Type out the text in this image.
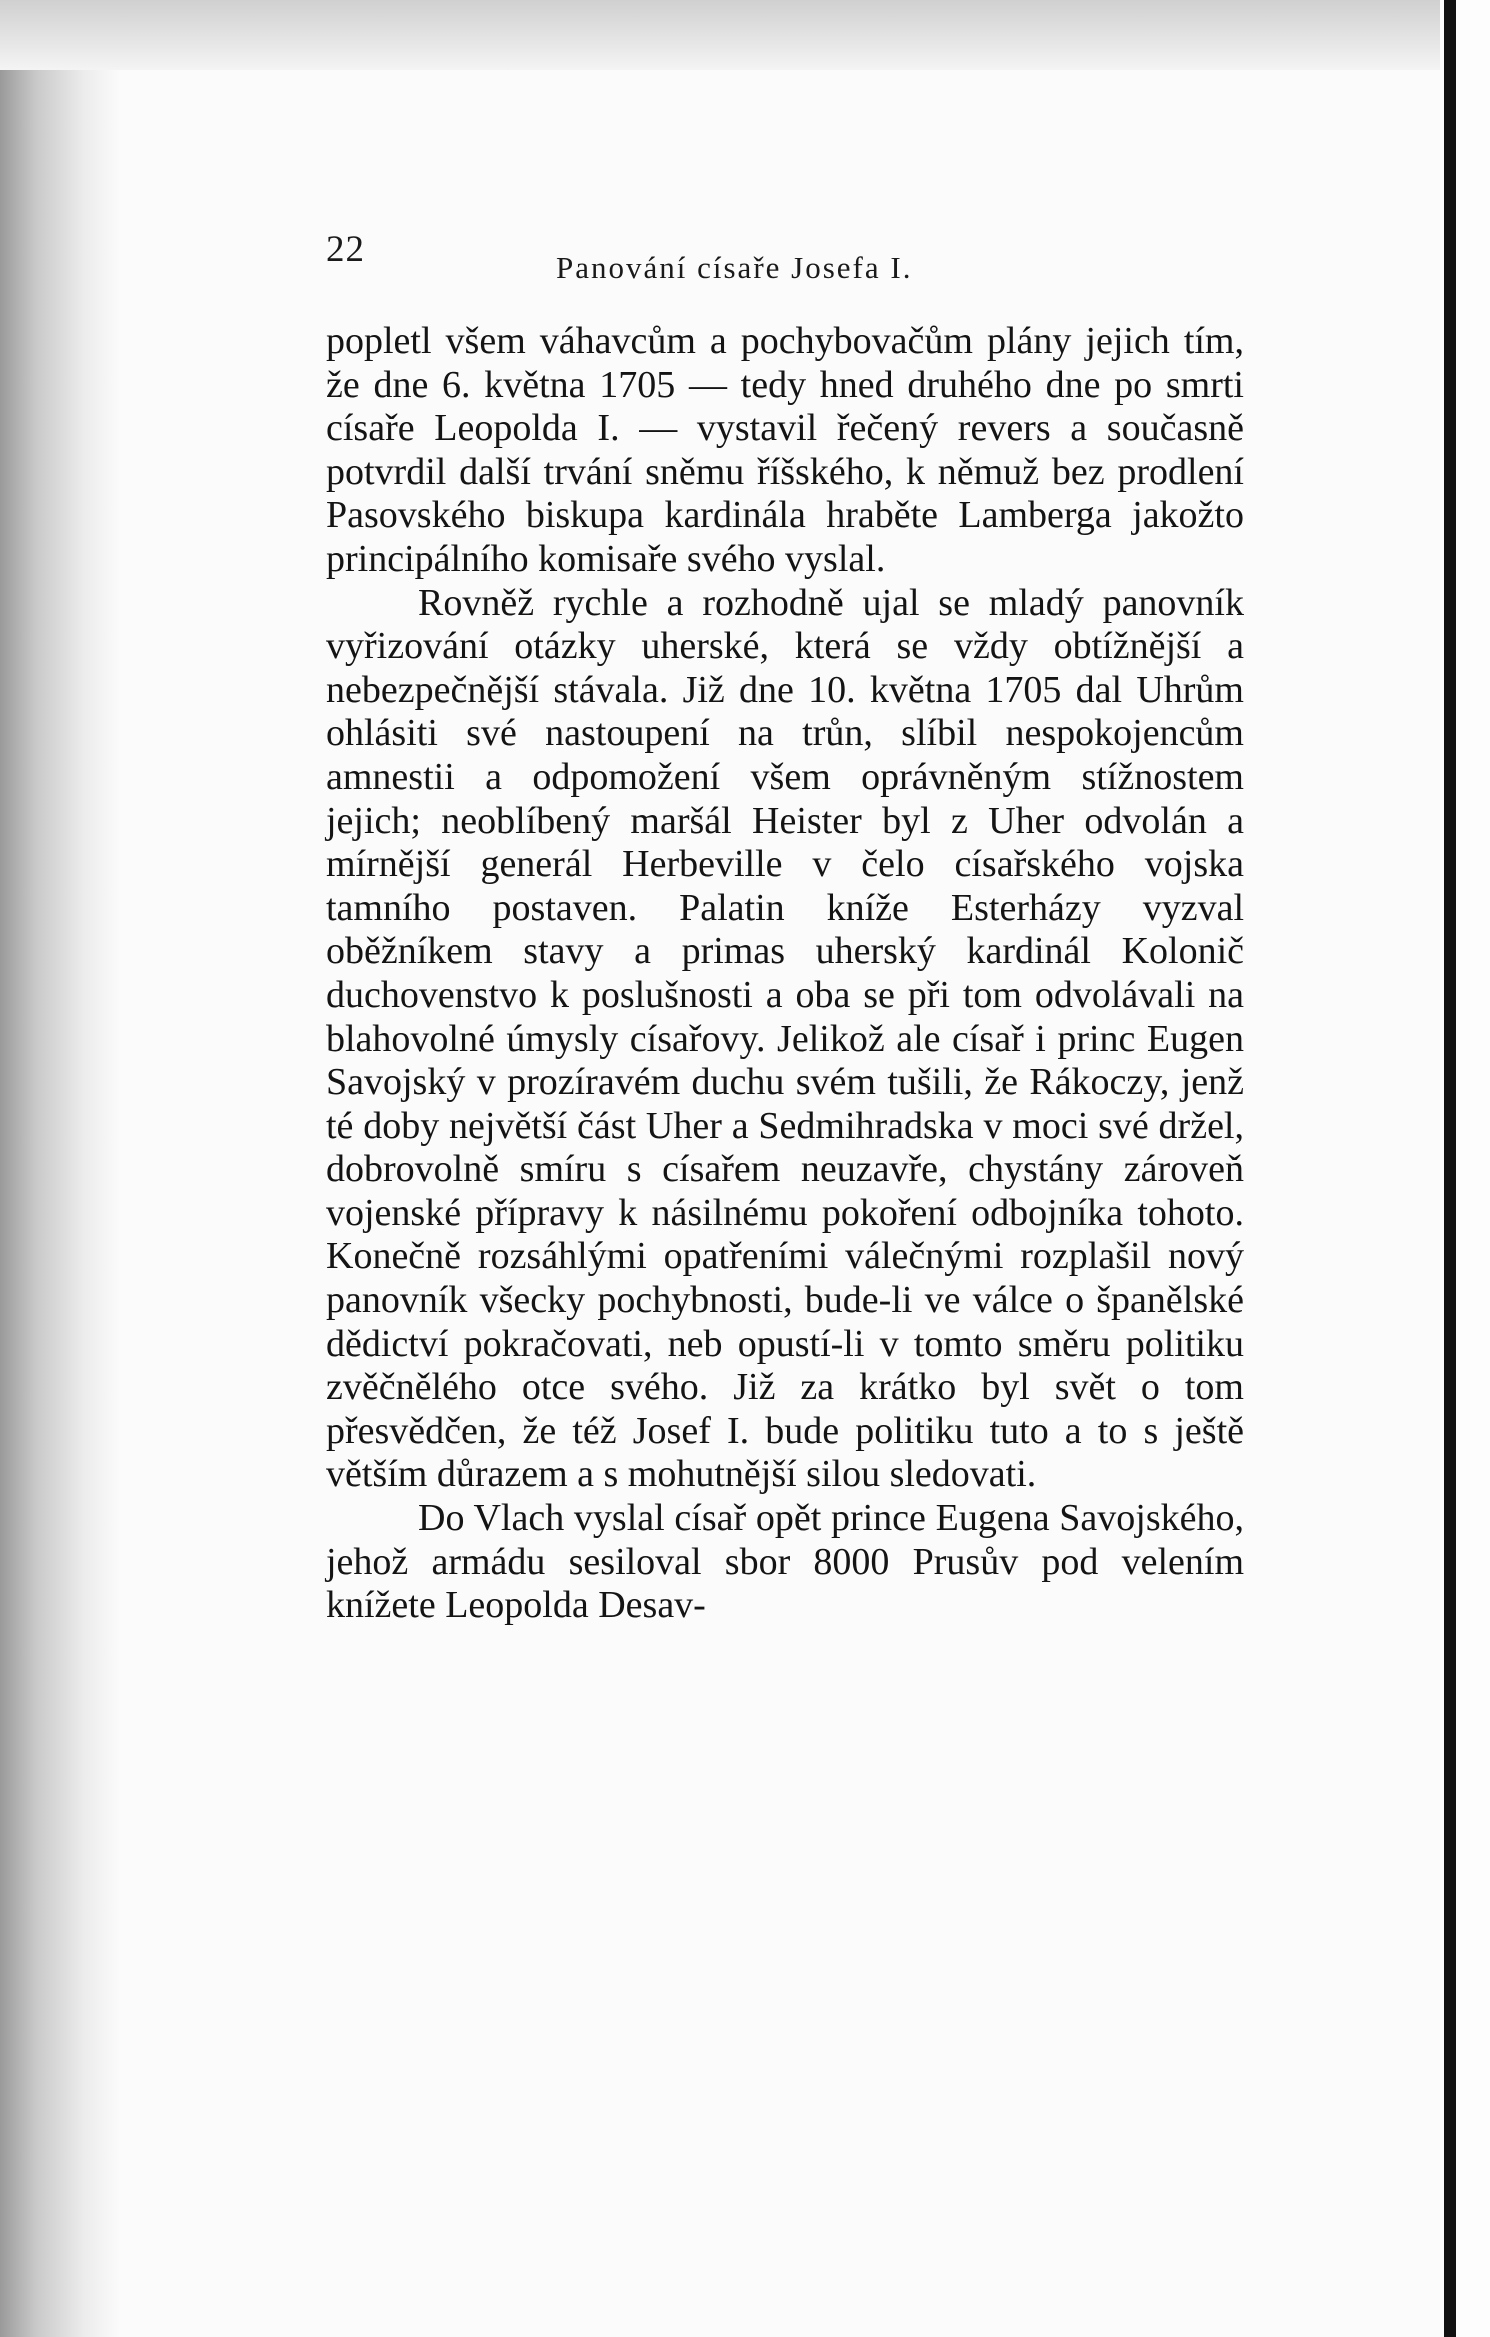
22	Panování císaře Josefa I.

popletl všem váhavcům a pochybovačům plány jejich tím, že dne 6. května 1705 — tedy hned druhého dne po smrti císaře Leopolda I. — vystavil řečený revers a současně potvrdil další trvání sněmu říšského, k němuž bez prodlení Pasovského biskupa kardinála hraběte Lamberga jakožto principálního komisaře svého vyslal.

Rovněž rychle a rozhodně ujal se mladý panovník vyřizování otázky uherské, která se vždy obtížnější a nebezpečnější stávala. Již dne 10. května 1705 dal Uhrům ohlásiti své nastoupení na trůn, slíbil nespokojencům amnestii a odpomožení všem oprávněným stížnostem jejich; neoblíbený maršál Heister byl z Uher odvolán a mírnější generál Herbeville v čelo císařského vojska tamního postaven. Palatin kníže Esterházy vyzval oběžníkem stavy a primas uherský kardinál Kolonič duchovenstvo k poslušnosti a oba se při tom odvolávali na blahovolné úmysly císařovy. Jelikož ale císař i princ Eugen Savojský v prozíravém duchu svém tušili, že Rákoczy, jenž té doby největší část Uher a Sedmihradska v moci své držel, dobrovolně smíru s císařem neuzavře, chystány zároveň vojenské přípravy k násilnému pokoření odbojníka tohoto. Konečně rozsáhlými opatřeními válečnými rozplašil nový panovník všecky pochybnosti, bude-li ve válce o španělské dědictví pokračovati, neb opustí-li v tomto směru politiku zvěčnělého otce svého. Již za krátko byl svět o tom přesvědčen, že též Josef I. bude politiku tuto a to s ještě větším důrazem a s mohutnější silou sledovati.

Do Vlach vyslal císař opět prince Eugena Savojského, jehož armádu sesiloval sbor 8000 Prusův pod velením knížete Leopolda Desav-
